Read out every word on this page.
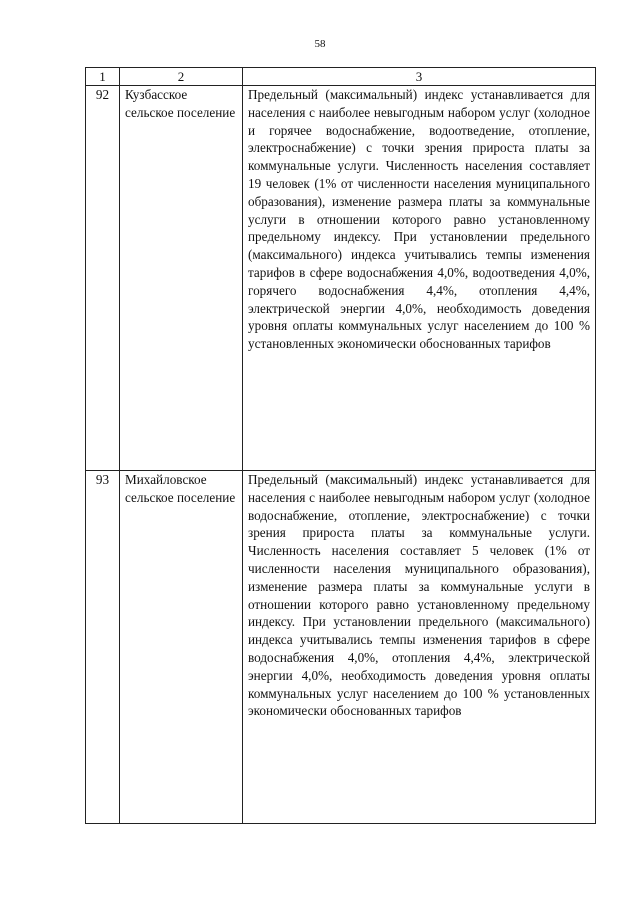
58
1	2	3
92	Кузбасское сельское поселение	Предельный (максимальный) индекс устанавливается для населения с наиболее невыгодным набором услуг (холодное и горячее водоснабжение, водоотведение, отопление, электроснабжение) с точки зрения прироста платы за коммунальные услуги. Численность населения составляет 19 человек (1% от численности населения муниципального образования), изменение размера платы за коммунальные услуги в отношении которого равно установленному предельному индексу. При установлении предельного (максимального) индекса учитывались темпы изменения тарифов в сфере водоснабжения 4,0%, водоотведения 4,0%, горячего водоснабжения 4,4%, отопления 4,4%, электрической энергии 4,0%, необходимость доведения уровня оплаты коммунальных услуг населением до 100 % установленных экономически обоснованных тарифов
93	Михайловское сельское поселение	Предельный (максимальный) индекс устанавливается для населения с наиболее невыгодным набором услуг (холодное водоснабжение, отопление, электроснабжение) с точки зрения прироста платы за коммунальные услуги. Численность населения составляет 5 человек (1% от численности населения муниципального образования), изменение размера платы за коммунальные услуги в отношении которого равно установленному предельному индексу. При установлении предельного (максимального) индекса учитывались темпы изменения тарифов в сфере водоснабжения 4,0%, отопления 4,4%, электрической энергии 4,0%, необходимость доведения уровня оплаты коммунальных услуг населением до 100 % установленных экономически обоснованных тарифов
